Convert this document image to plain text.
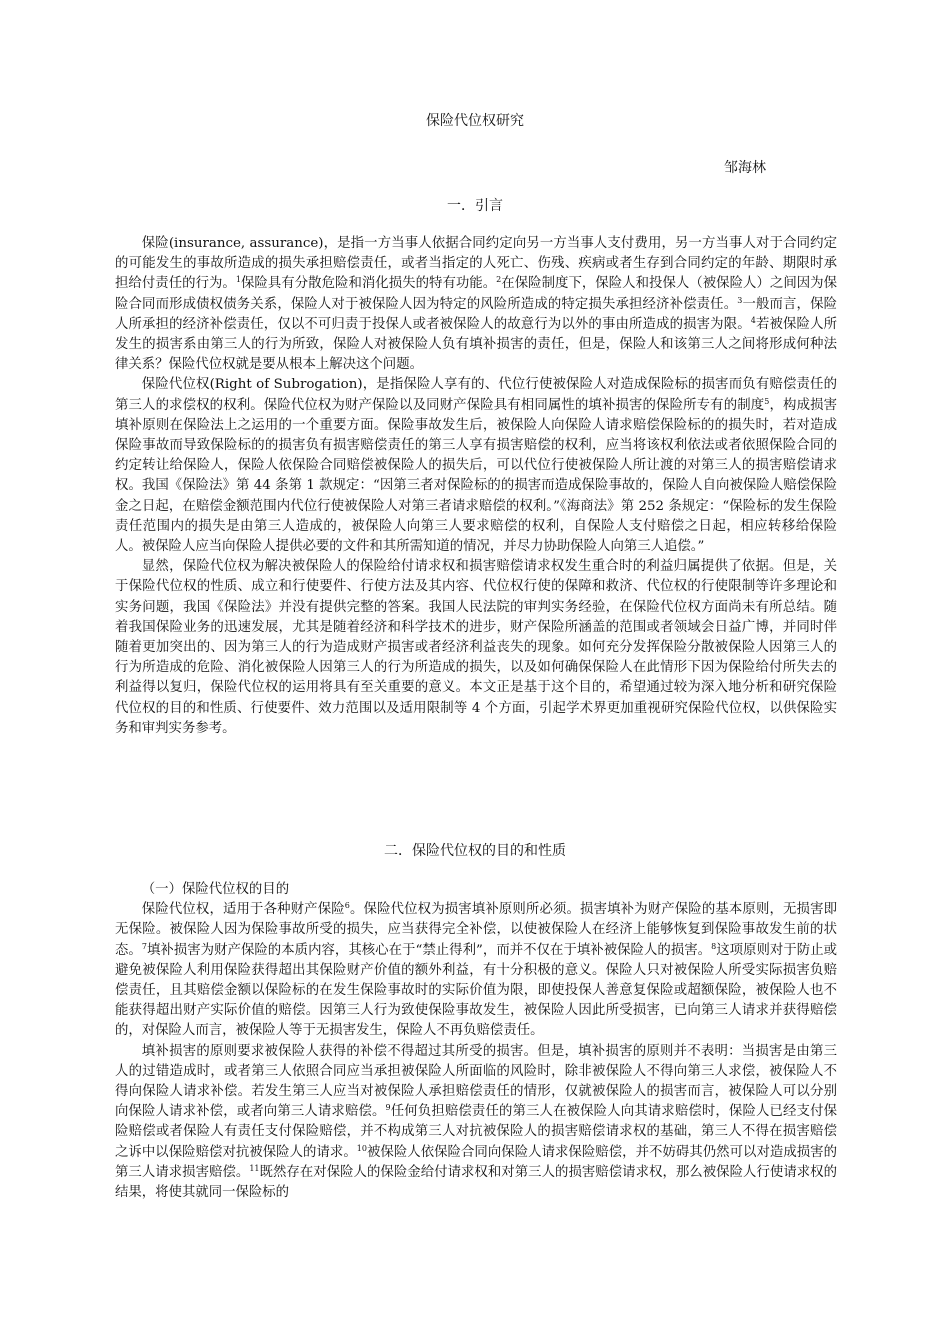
保险代位权研究
邹海林
一．引言

保险(insurance, assurance)，是指一方当事人依据合同约定向另一方当事人支付费用，另一方当事人对于合同约定的可能发生的事故所造成的损失承担赔偿责任，或者当指定的人死亡、伤残、疾病或者生存到合同约定的年龄、期限时承担给付责任的行为。$^1$保险具有分散危险和消化损失的特有功能。$^2$在保险制度下，保险人和投保人（被保险人）之间因为保险合同而形成债权债务关系，保险人对于被保险人因为特定的风险所造成的特定损失承担经济补偿责任。$^3$一般而言，保险人所承担的经济补偿责任，仅以不可归责于投保人或者被保险人的故意行为以外的事由所造成的损害为限。$^4$若被保险人所发生的损害系由第三人的行为所致，保险人对被保险人负有填补损害的责任，但是，保险人和该第三人之间将形成何种法律关系？保险代位权就是要从根本上解决这个问题。

保险代位权(Right of Subrogation)，是指保险人享有的、代位行使被保险人对造成保险标的损害而负有赔偿责任的第三人的求偿权的权利。保险代位权为财产保险以及同财产保险具有相同属性的填补损害的保险所专有的制度$^5$，构成损害填补原则在保险法上之运用的一个重要方面。保险事故发生后，被保险人向保险人请求赔偿保险标的的损失时，若对造成保险事故而导致保险标的的损害负有损害赔偿责任的第三人享有损害赔偿的权利，应当将该权利依法或者依照保险合同的约定转让给保险人，保险人依保险合同赔偿被保险人的损失后，可以代位行使被保险人所让渡的对第三人的损害赔偿请求权。我国《保险法》第 44 条第 1 款规定：“因第三者对保险标的的损害而造成保险事故的，保险人自向被保险人赔偿保险金之日起，在赔偿金额范围内代位行使被保险人对第三者请求赔偿的权利。”《海商法》第 252 条规定：“保险标的发生保险责任范围内的损失是由第三人造成的，被保险人向第三人要求赔偿的权利，自保险人支付赔偿之日起，相应转移给保险人。被保险人应当向保险人提供必要的文件和其所需知道的情况，并尽力协助保险人向第三人追偿。”

显然，保险代位权为解决被保险人的保险给付请求权和损害赔偿请求权发生重合时的利益归属提供了依据。但是，关于保险代位权的性质、成立和行使要件、行使方法及其内容、代位权行使的保障和救济、代位权的行使限制等许多理论和实务问题，我国《保险法》并没有提供完整的答案。我国人民法院的审判实务经验，在保险代位权方面尚未有所总结。随着我国保险业务的迅速发展，尤其是随着经济和科学技术的进步，财产保险所涵盖的范围或者领域会日益广博，并同时伴随着更加突出的、因为第三人的行为造成财产损害或者经济利益丧失的现象。如何充分发挥保险分散被保险人因第三人的行为所造成的危险、消化被保险人因第三人的行为所造成的损失，以及如何确保保险人在此情形下因为保险给付所失去的利益得以复归，保险代位权的运用将具有至关重要的意义。本文正是基于这个目的，希望通过较为深入地分析和研究保险代位权的目的和性质、行使要件、效力范围以及适用限制等 4 个方面，引起学术界更加重视研究保险代位权，以供保险实务和审判实务参考。

二．保险代位权的目的和性质
（一）保险代位权的目的

保险代位权，适用于各种财产保险$^6$。保险代位权为损害填补原则所必须。损害填补为财产保险的基本原则，无损害即无保险。被保险人因为保险事故所受的损失，应当获得完全补偿，以使被保险人在经济上能够恢复到保险事故发生前的状态。$^7$填补损害为财产保险的本质内容，其核心在于“禁止得利”，而并不仅在于填补被保险人的损害。$^8$这项原则对于防止或避免被保险人利用保险获得超出其保险财产价值的额外利益，有十分积极的意义。保险人只对被保险人所受实际损害负赔偿责任，且其赔偿金额以保险标的在发生保险事故时的实际价值为限，即使投保人善意复保险或超额保险，被保险人也不能获得超出财产实际价值的赔偿。因第三人行为致使保险事故发生，被保险人因此所受损害，已向第三人请求并获得赔偿的，对保险人而言，被保险人等于无损害发生，保险人不再负赔偿责任。

填补损害的原则要求被保险人获得的补偿不得超过其所受的损害。但是，填补损害的原则并不表明：当损害是由第三人的过错造成时，或者第三人依照合同应当承担被保险人所面临的风险时，除非被保险人不得向第三人求偿，被保险人不得向保险人请求补偿。若发生第三人应当对被保险人承担赔偿责任的情形，仅就被保险人的损害而言，被保险人可以分别向保险人请求补偿，或者向第三人请求赔偿。$^9$任何负担赔偿责任的第三人在被保险人向其请求赔偿时，保险人已经支付保险赔偿或者保险人有责任支付保险赔偿，并不构成第三人对抗被保险人的损害赔偿请求权的基础，第三人不得在损害赔偿之诉中以保险赔偿对抗被保险人的请求。$^{10}$被保险人依保险合同向保险人请求保险赔偿，并不妨碍其仍然可以对造成损害的第三人请求损害赔偿。$^{11}$既然存在对保险人的保险金给付请求权和对第三人的损害赔偿请求权，那么被保险人行使请求权的结果，将使其就同一保险标的
